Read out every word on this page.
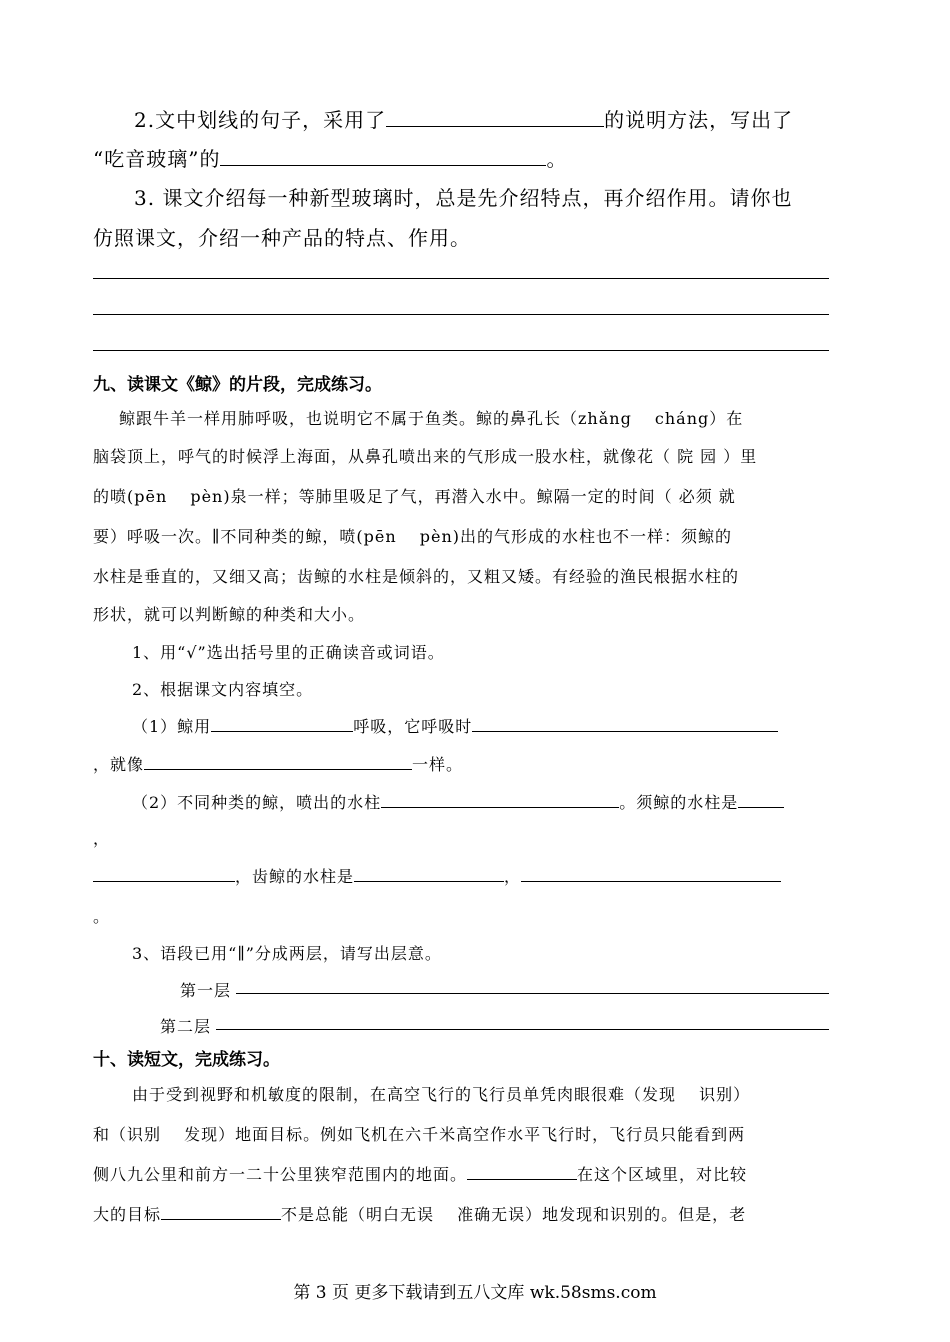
2.文中划线的句子，采用了	的说明方法，写出了
“吃音玻璃”的	。
3. 课文介绍每一种新型玻璃时，总是先介绍特点，再介绍作用。请你也
仿照课文，介绍一种产品的特点、作用。
九、读课文《鲸》的片段，完成练习。
鲸跟牛羊一样用肺呼吸，也说明它不属于鱼类。鲸的鼻孔长（zhǎng　 cháng）在
脑袋顶上，呼气的时候浮上海面，从鼻孔喷出来的气形成一股水柱，就像花（ 院 园 ）里
的喷(pēn　 pèn)泉一样；等肺里吸足了气，再潜入水中。鲸隔一定的时间（ 必须 就
要）呼吸一次。∥不同种类的鲸，喷(pēn　 pèn)出的气形成的水柱也不一样：须鲸的
水柱是垂直的，又细又高；齿鲸的水柱是倾斜的，又粗又矮。有经验的渔民根据水柱的
形状，就可以判断鲸的种类和大小。
1、用“√”选出括号里的正确读音或词语。
2、根据课文内容填空。
（1）鲸用	呼吸，它呼吸时
，就像	一样。
（2）不同种类的鲸，喷出的水柱	。须鲸的水柱是
，
，齿鲸的水柱是	，
。
3、语段已用“∥”分成两层，请写出层意。
第一层
第二层
十、读短文，完成练习。
由于受到视野和机敏度的限制，在高空飞行的飞行员单凭肉眼很难（发现　 识别）
和（识别　 发现）地面目标。例如飞机在六千米高空作水平飞行时，飞行员只能看到两
侧八九公里和前方一二十公里狭窄范围内的地面。	在这个区域里，对比较
大的目标	不是总能（明白无误　 准确无误）地发现和识别的。但是，老
第 3 页 更多下载请到五八文库 wk.58sms.com
